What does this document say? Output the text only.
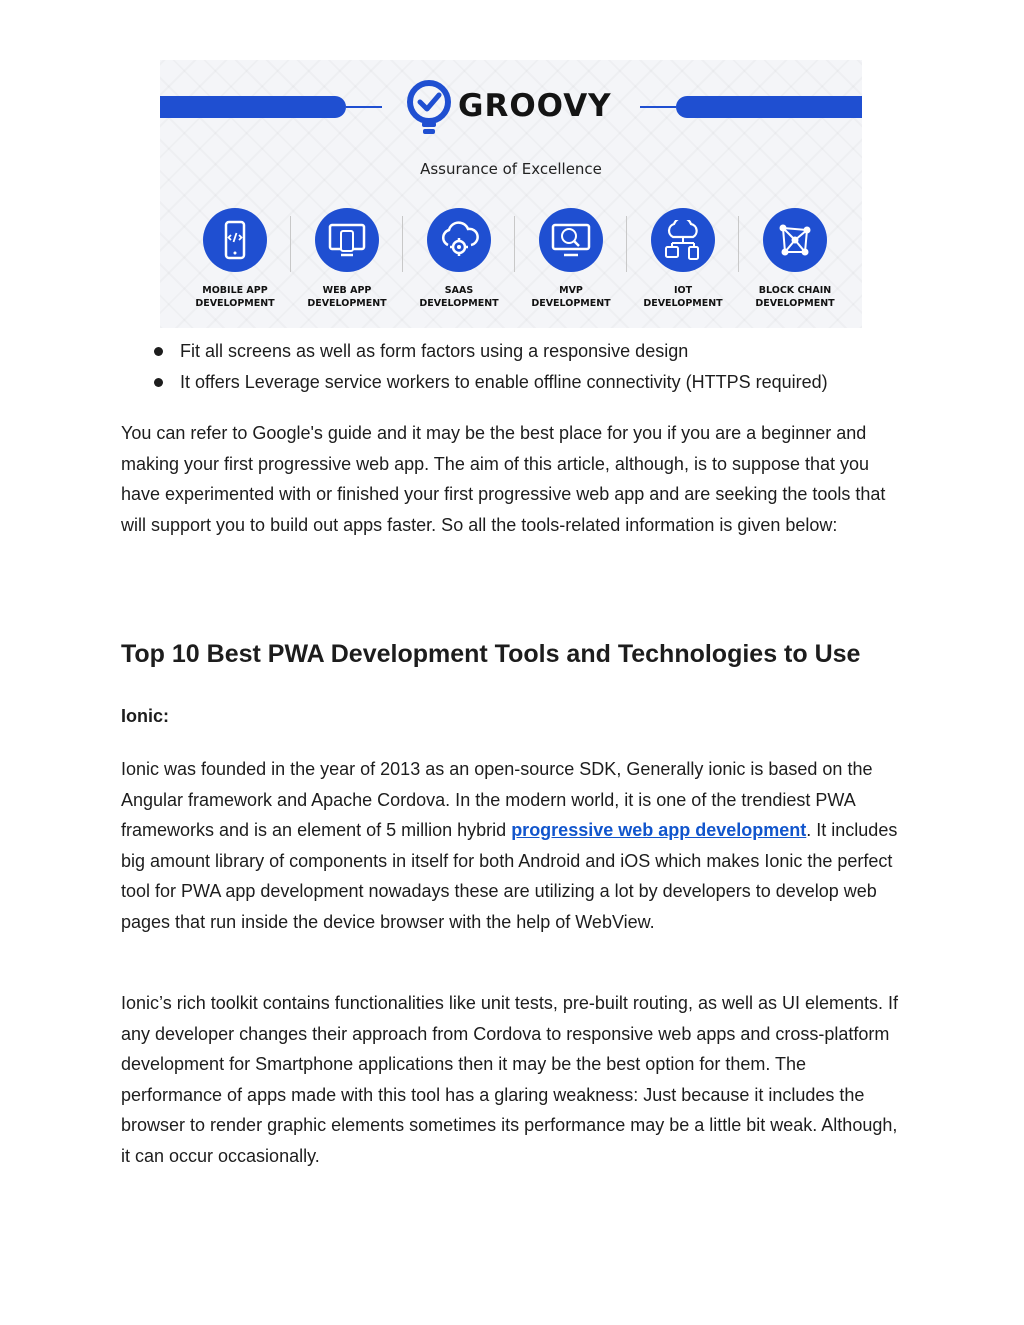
GROOVY
Assurance of Excellence
MOBILE APP
DEVELOPMENT
WEB APP
DEVELOPMENT
SAAS
DEVELOPMENT
MVP
DEVELOPMENT
IOT
DEVELOPMENT
BLOCK CHAIN
DEVELOPMENT
Fit all screens as well as form factors using a responsive design
It offers Leverage service workers to enable offline connectivity (HTTPS required)

You can refer to Google's guide and it may be the best place for you if you are a beginner and making your first progressive web app. The aim of this article, although, is to suppose that you have experimented with or finished your first progressive web app and are seeking the tools that will support you to build out apps faster. So all the tools-related information is given below:

Top 10 Best PWA Development Tools and Technologies to Use
Ionic:

Ionic was founded in the year of 2013 as an open-source SDK, Generally ionic is based on the Angular framework and Apache Cordova. In the modern world, it is one of the trendiest PWA frameworks and is an element of 5 million hybrid progressive web app development. It includes big amount library of components in itself for both Android and iOS which makes Ionic the perfect tool for PWA app development nowadays these are utilizing a lot by developers to develop web pages that run inside the device browser with the help of WebView.

Ionic’s rich toolkit contains functionalities like unit tests, pre-built routing, as well as UI elements. If any developer changes their approach from Cordova to responsive web apps and cross-platform development for Smartphone applications then it may be the best option for them. The performance of apps made with this tool has a glaring weakness: Just because it includes the browser to render graphic elements sometimes its performance may be a little bit weak. Although, it can occur occasionally.
